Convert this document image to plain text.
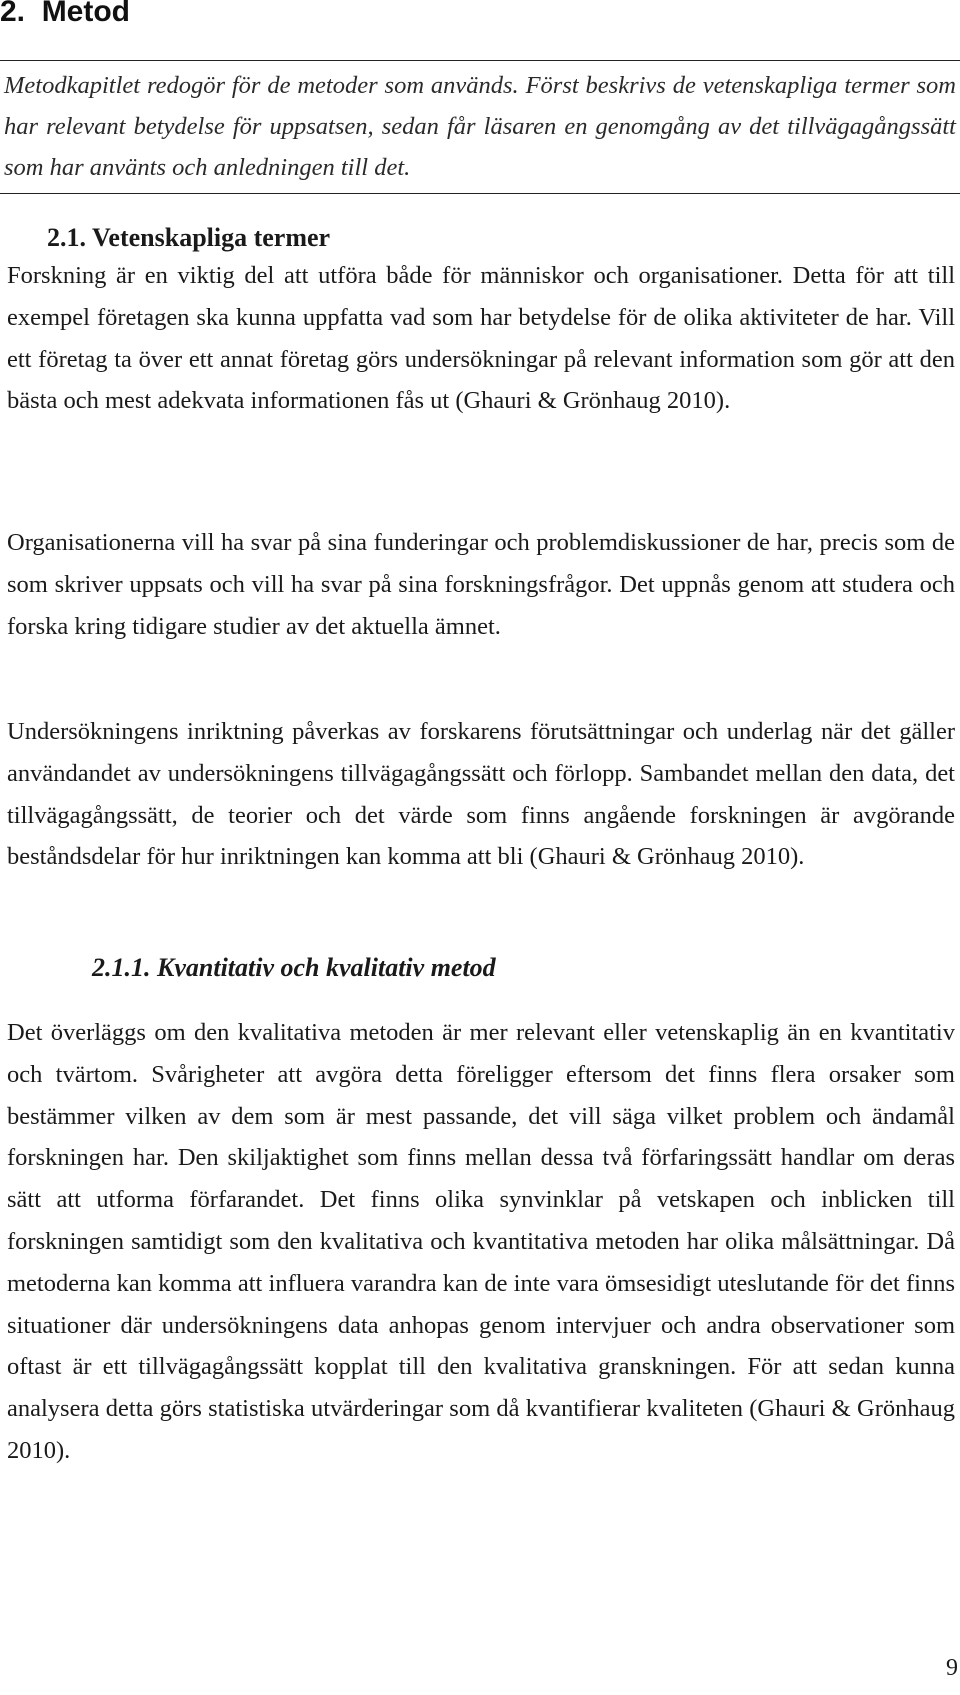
2.  Metod

Metodkapitlet redogör för de metoder som används. Först beskrivs de vetenskapliga termer som har relevant betydelse för uppsatsen, sedan får läsaren en genomgång av det tillvägagångssätt som har använts och anledningen till det.

2.1. Vetenskapliga termer

Forskning är en viktig del att utföra både för människor och organisationer. Detta för att till exempel företagen ska kunna uppfatta vad som har betydelse för de olika aktiviteter de har. Vill ett företag ta över ett annat företag görs undersökningar på relevant information som gör att den bästa och mest adekvata informationen fås ut (Ghauri & Grönhaug 2010).

Organisationerna vill ha svar på sina funderingar och problemdiskussioner de har, precis som de som skriver uppsats och vill ha svar på sina forskningsfrågor. Det uppnås genom att studera och forska kring tidigare studier av det aktuella ämnet.

Undersökningens inriktning påverkas av forskarens förutsättningar och underlag när det gäller användandet av undersökningens tillvägagångssätt och förlopp. Sambandet mellan den data, det tillvägagångssätt, de teorier och det värde som finns angående forskningen är avgörande beståndsdelar för hur inriktningen kan komma att bli (Ghauri & Grönhaug 2010).

2.1.1. Kvantitativ och kvalitativ metod

Det överläggs om den kvalitativa metoden är mer relevant eller vetenskaplig än en kvantitativ och tvärtom. Svårigheter att avgöra detta föreligger eftersom det finns flera orsaker som bestämmer vilken av dem som är mest passande, det vill säga vilket problem och ändamål forskningen har. Den skiljaktighet som finns mellan dessa två förfaringssätt handlar om deras sätt att utforma förfarandet. Det finns olika synvinklar på vetskapen och inblicken till forskningen samtidigt som den kvalitativa och kvantitativa metoden har olika målsättningar. Då metoderna kan komma att influera varandra kan de inte vara ömsesidigt uteslutande för det finns situationer där undersökningens data anhopas genom intervjuer och andra observationer som oftast är ett tillvägagångssätt kopplat till den kvalitativa granskningen. För att sedan kunna analysera detta görs statistiska utvärderingar som då kvantifierar kvaliteten (Ghauri & Grönhaug 2010).

9
